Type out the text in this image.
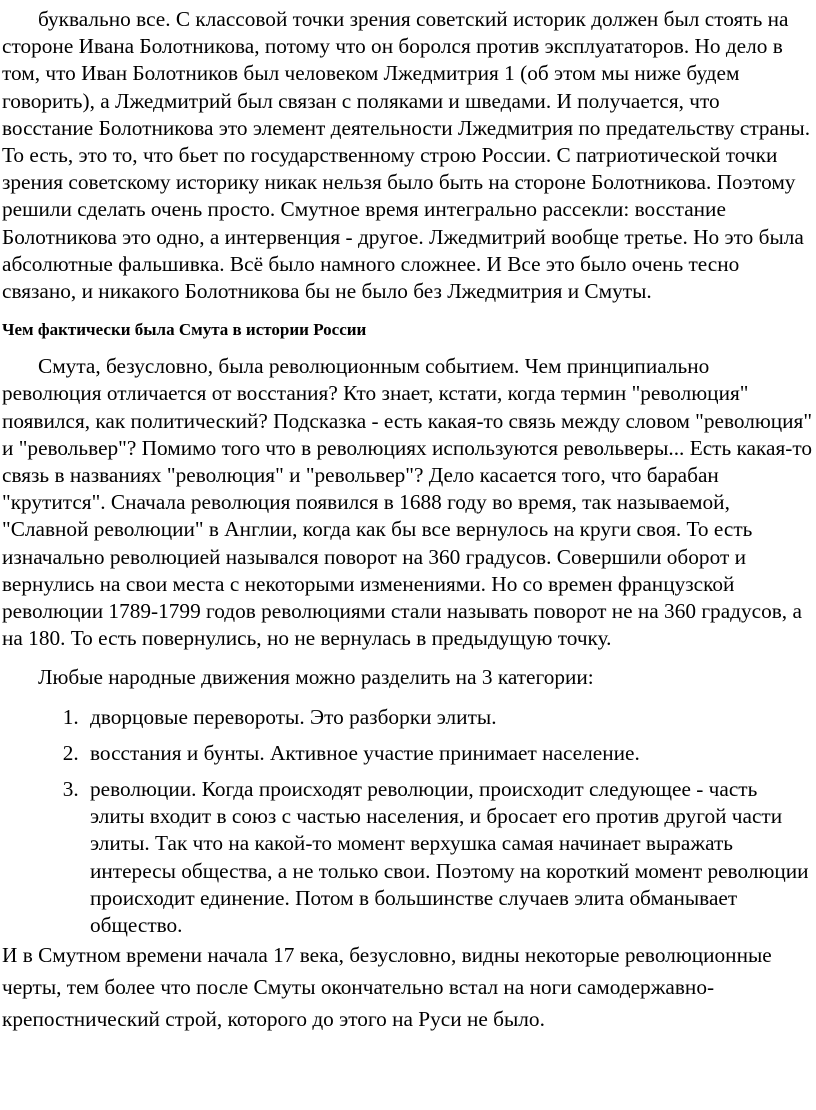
буквально все. С классовой точки зрения советский историк должен был стоять на стороне Ивана Болотникова, потому что он боролся против эксплуататоров. Но дело в том, что Иван Болотников был человеком Лжедмитрия 1 (об этом мы ниже будем говорить), а Лжедмитрий был связан с поляками и шведами. И получается, что восстание Болотникова это элемент деятельности Лжедмитрия по предательству страны. То есть, это то, что бьет по государственному строю России. С патриотической точки зрения советскому историку никак нельзя было быть на стороне Болотникова. Поэтому решили сделать очень просто. Смутное время интегрально рассекли: восстание Болотникова это одно, а интервенция - другое. Лжедмитрий вообще третье. Но это была абсолютные фальшивка. Всё было намного сложнее. И Все это было очень тесно связано, и никакого Болотникова бы не было без Лжедмитрия и Смуты.

Чем фактически была Смута в истории России

Смута, безусловно, была революционным событием. Чем принципиально революция отличается от восстания? Кто знает, кстати, когда термин "революция" появился, как политический? Подсказка - есть какая-то связь между словом "революция" и "револьвер"? Помимо того что в революциях используются револьверы... Есть какая-то связь в названиях "революция" и "револьвер"? Дело касается того, что барабан "крутится". Сначала революция появился в 1688 году во время, так называемой, "Славной революции" в Англии, когда как бы все вернулось на круги своя. То есть изначально революцией назывался поворот на 360 градусов. Совершили оборот и вернулись на свои места с некоторыми изменениями. Но со времен французской революции 1789-1799 годов революциями стали называть поворот не на 360 градусов, а на 180. То есть повернулись, но не вернулась в предыдущую точку.

Любые народные движения можно разделить на 3 категории:

1. дворцовые перевороты. Это разборки элиты.
2. восстания и бунты. Активное участие принимает население.
3. революции. Когда происходят революции, происходит следующее - часть элиты входит в союз с частью населения, и бросает его против другой части элиты. Так что на какой-то момент верхушка самая начинает выражать интересы общества, а не только свои. Поэтому на короткий момент революции происходит единение. Потом в большинстве случаев элита обманывает общество.

И в Смутном времени начала 17 века, безусловно, видны некоторые революционные черты, тем более что после Смуты окончательно встал на ноги самодержавно-крепостнический строй, которого до этого на Руси не было.
